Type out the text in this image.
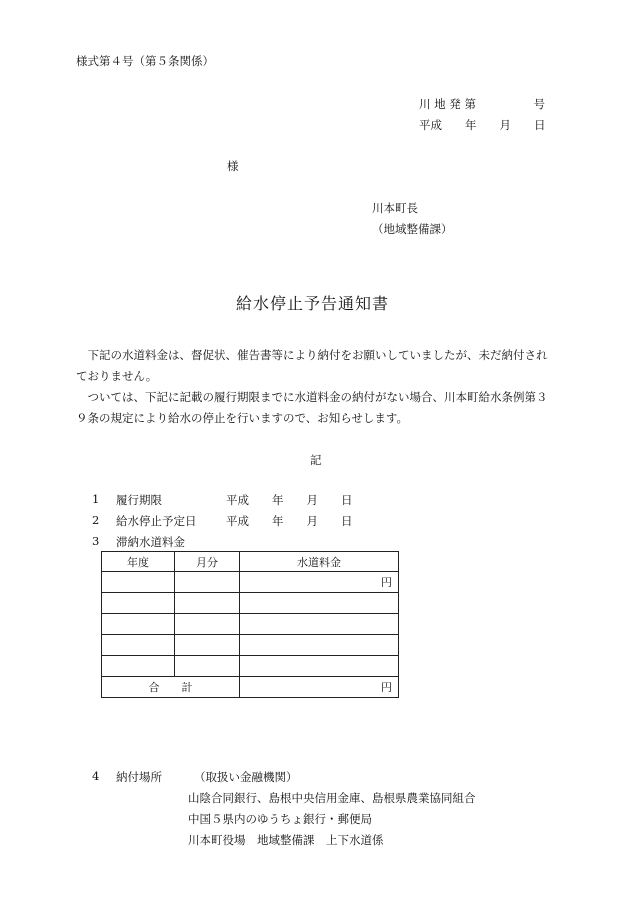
様式第４号（第５条関係）
川 地 発 第　　　　　号
平成　　年　　月　　日
様
川本町長
（地域整備課）
給水停止予告通知書
下記の水道料金は、督促状、催告書等により納付をお願いしていましたが、未だ納付されておりません。
ついては、下記に記載の履行期限までに水道料金の納付がない場合、川本町給水条例第３９条の規定により給水の停止を行いますので、お知らせします。
記
1 履行期限	平成　　年　　月　　日
2 給水停止予定日	平成　　年　　月　　日
3 滞納水道料金
年度	月分	水道料金
		円

合　　計		円
4 納付場所	（取扱い金融機関）
山陰合同銀行、島根中央信用金庫、島根県農業協同組合
中国５県内のゆうちょ銀行・郵便局
川本町役場　地域整備課　上下水道係
